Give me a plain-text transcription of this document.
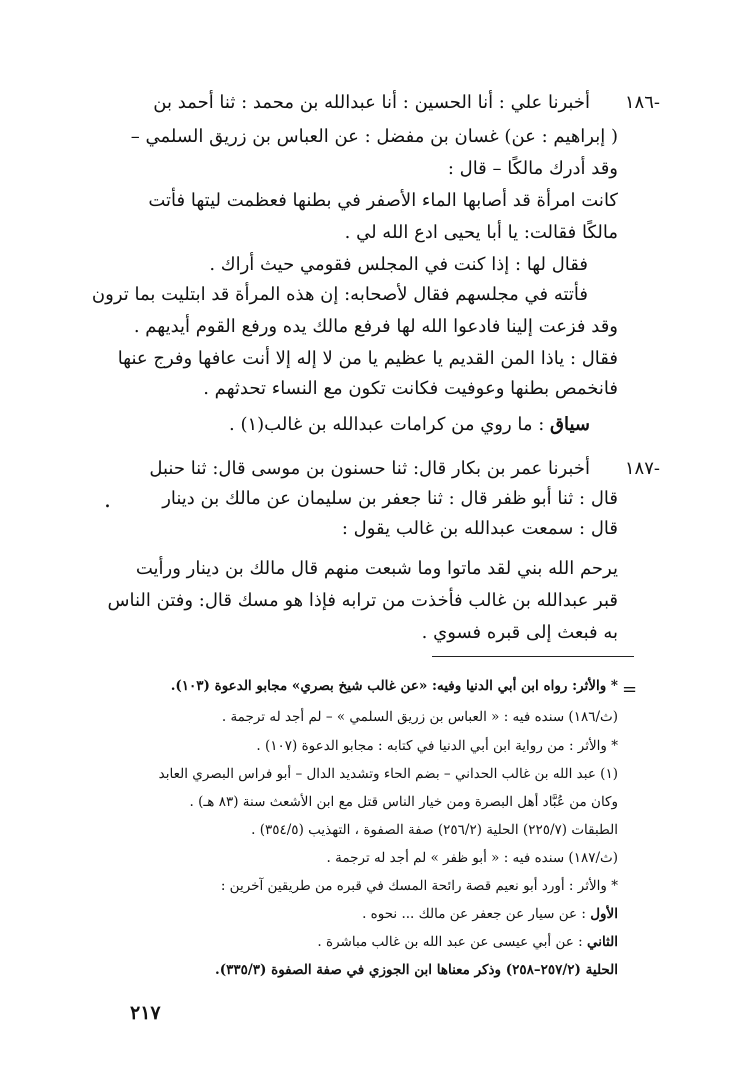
-١٨٦
أخبرنا علي : أنا الحسين : أنا عبدالله بن محمد : ثنا أحمد بن
( إبراهيم : عن) غسان بن مفضل : عن العباس بن زريق السلمي –
وقد أدرك مالكًا – قال :
كانت امرأة قد أصابها الماء الأصفر في بطنها فعظمت ليتها فأتت
مالكًا فقالت: يا أبا يحيى ادع الله لي .
فقال لها : إذا كنت في المجلس فقومي حيث أراك .
فأتته في مجلسهم فقال لأصحابه: إن هذه المرأة قد ابتليت بما ترون
وقد فزعت إلينا فادعوا الله لها فرفع مالك يده ورفع القوم أيديهم .
فقال : ياذا المن القديم يا عظيم يا من لا إله إلا أنت عافها وفرج عنها
فانخمص بطنها وعوفيت فكانت تكون مع النساء تحدثهم .
سياق : ما روي من كرامات عبدالله بن غالب(١) .
-١٨٧
أخبرنا عمر بن بكار قال: ثنا حسنون بن موسى قال: ثنا حنبل
قال : ثنا أبو ظفر قال : ثنا جعفر بن سليمان عن مالك بن دينار
.
قال : سمعت عبدالله بن غالب يقول :
يرحم الله بني لقد ماتوا وما شبعت منهم قال مالك بن دينار ورأيت
قبر عبدالله بن غالب فأخذت من ترابه فإذا هو مسك قال: وفتن الناس
به فبعث إلى قبره فسوي .
=
* والأثر: رواه ابن أبي الدنيا وفيه: «عن غالب شيخ بصري» مجابو الدعوة (١٠٣).
(ث/١٨٦) سنده فيه : « العباس بن زريق السلمي » – لم أجد له ترجمة .
* والأثر : من رواية ابن أبي الدنيا في كتابه : مجابو الدعوة (١٠٧) .
(١) عبد الله بن غالب الحداني – بضم الحاء وتشديد الدال – أبو فراس البصري العابد
وكان من عُبَّاد أهل البصرة ومن خيار الناس قتل مع ابن الأشعث سنة (٨٣ هـ) .
الطبقات (٢٢٥/٧) الحلية (٢٥٦/٢) صفة الصفوة ، التهذيب (٣٥٤/٥) .
(ث/١٨٧) سنده فيه : « أبو ظفر » لم أجد له ترجمة .
* والأثر : أورد أبو نعيم قصة رائحة المسك في قبره من طريقين آخرين :
الأول : عن سيار عن جعفر عن مالك ... نحوه .
الثاني : عن أبي عيسى عن عبد الله بن غالب مباشرة .
الحلية (٢٥٧/٢–٢٥٨) وذكر معناها ابن الجوزي في صفة الصفوة (٣٣٥/٣).
٢١٧
